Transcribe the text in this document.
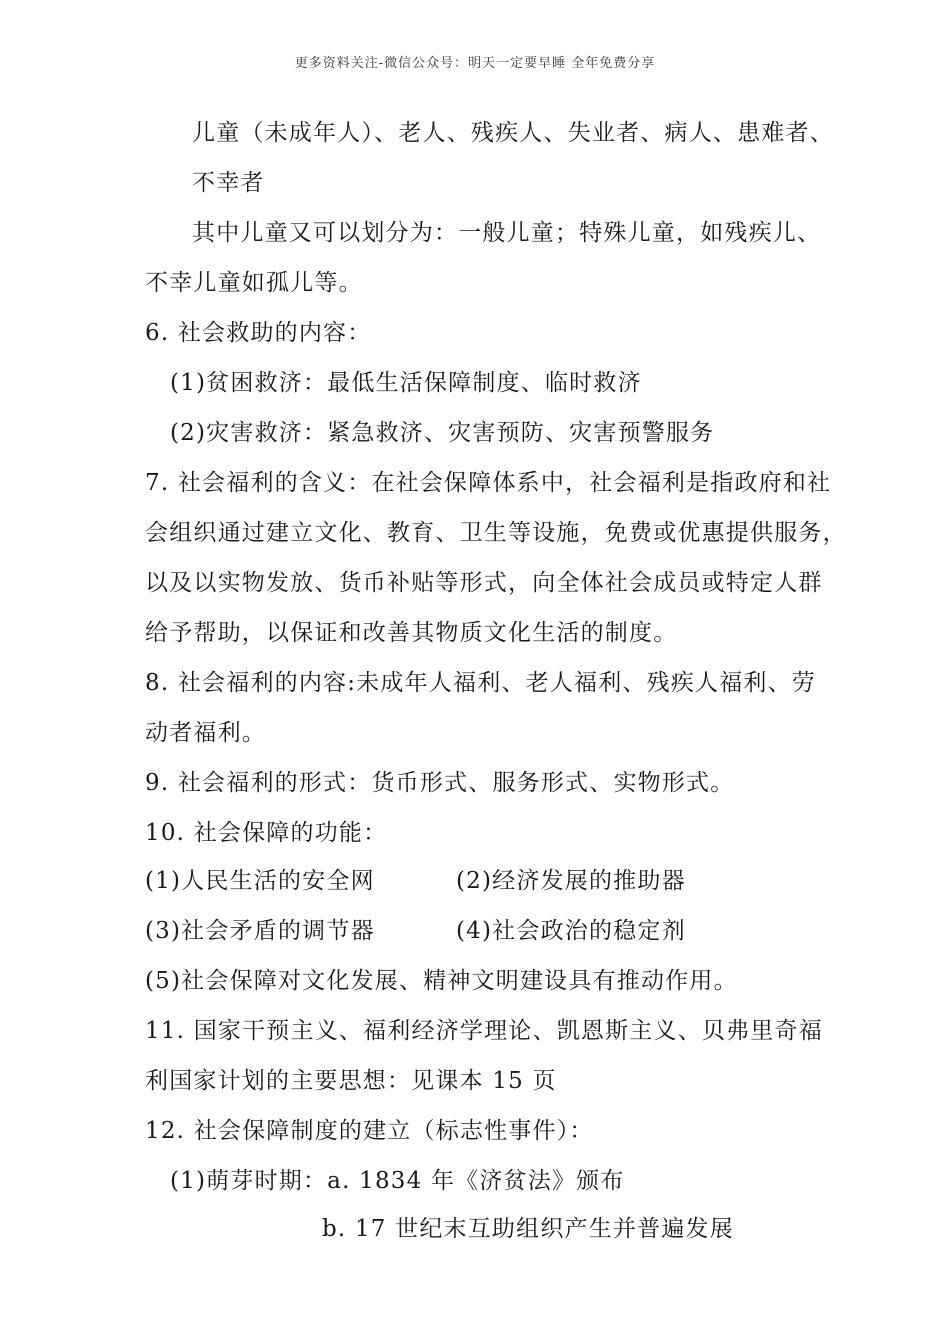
更多资料关注-微信公众号：明天一定要早睡 全年免费分享
儿童（未成年人）、老人、残疾人、失业者、病人、患难者、
不幸者
其中儿童又可以划分为：一般儿童；特殊儿童，如残疾儿、
不幸儿童如孤儿等。
6. 社会救助的内容：
(1)贫困救济：最低生活保障制度、临时救济
(2)灾害救济：紧急救济、灾害预防、灾害预警服务
7. 社会福利的含义：在社会保障体系中，社会福利是指政府和社
会组织通过建立文化、教育、卫生等设施，免费或优惠提供服务，
以及以实物发放、货币补贴等形式，向全体社会成员或特定人群
给予帮助，以保证和改善其物质文化生活的制度。
8. 社会福利的内容:未成年人福利、老人福利、残疾人福利、劳
动者福利。
9. 社会福利的形式：货币形式、服务形式、实物形式。
10. 社会保障的功能：
(1)人民生活的安全网	(2)经济发展的推助器
(3)社会矛盾的调节器	(4)社会政治的稳定剂
(5)社会保障对文化发展、精神文明建设具有推动作用。
11. 国家干预主义、福利经济学理论、凯恩斯主义、贝弗里奇福
利国家计划的主要思想：见课本 15 页
12. 社会保障制度的建立（标志性事件）：
(1)萌芽时期：a. 1834 年《济贫法》颁布
b. 17 世纪末互助组织产生并普遍发展
